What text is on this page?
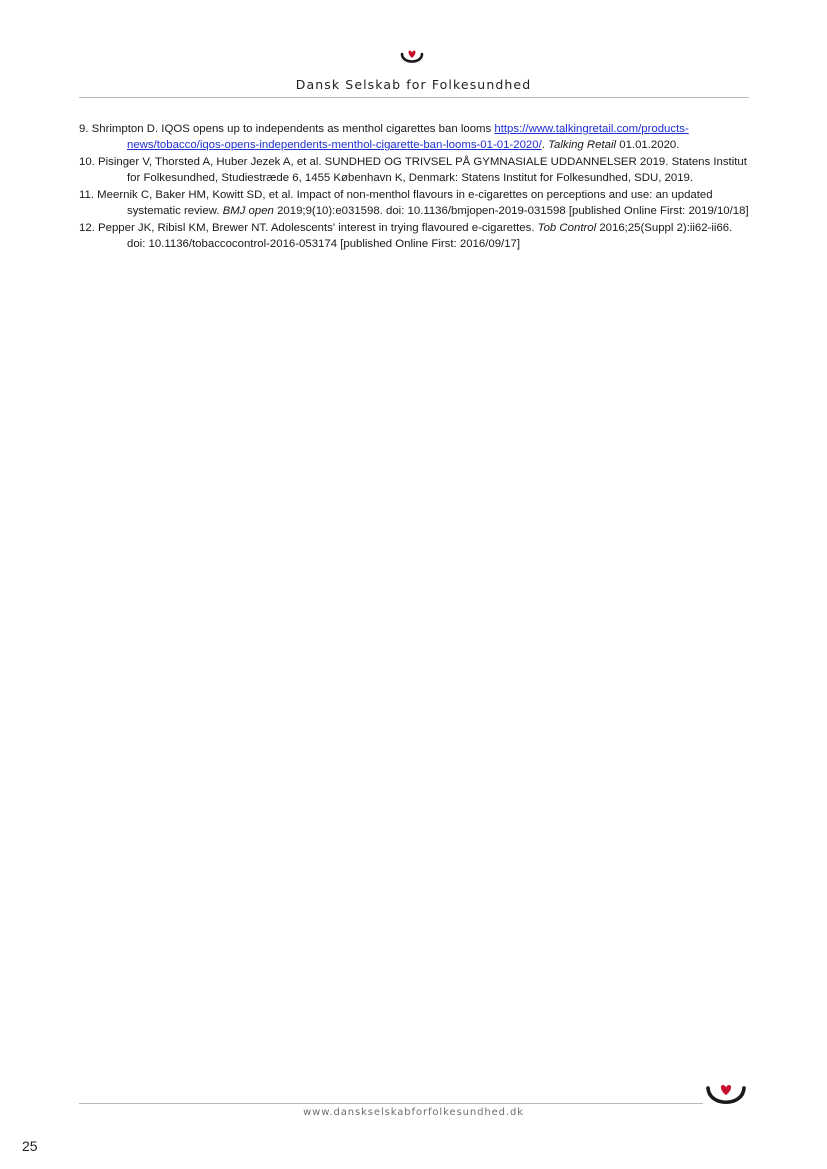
Dansk Selskab for Folkesundhed
9. Shrimpton D. IQOS opens up to independents as menthol cigarettes ban looms https://www.talkingretail.com/products-news/tobacco/iqos-opens-independents-menthol-cigarette-ban-looms-01-01-2020/. Talking Retail 01.01.2020.
10. Pisinger V, Thorsted A, Huber Jezek A, et al. SUNDHED OG TRIVSEL PÅ GYMNASIALE UDDANNELSER 2019. Statens Institut for Folkesundhed, Studiestræde 6, 1455 København K, Denmark: Statens Institut for Folkesundhed, SDU, 2019.
11. Meernik C, Baker HM, Kowitt SD, et al. Impact of non-menthol flavours in e-cigarettes on perceptions and use: an updated systematic review. BMJ open 2019;9(10):e031598. doi: 10.1136/bmjopen-2019-031598 [published Online First: 2019/10/18]
12. Pepper JK, Ribisl KM, Brewer NT. Adolescents' interest in trying flavoured e-cigarettes. Tob Control 2016;25(Suppl 2):ii62-ii66. doi: 10.1136/tobaccocontrol-2016-053174 [published Online First: 2016/09/17]
www.danskselskabforfolkesundhed.dk
25
